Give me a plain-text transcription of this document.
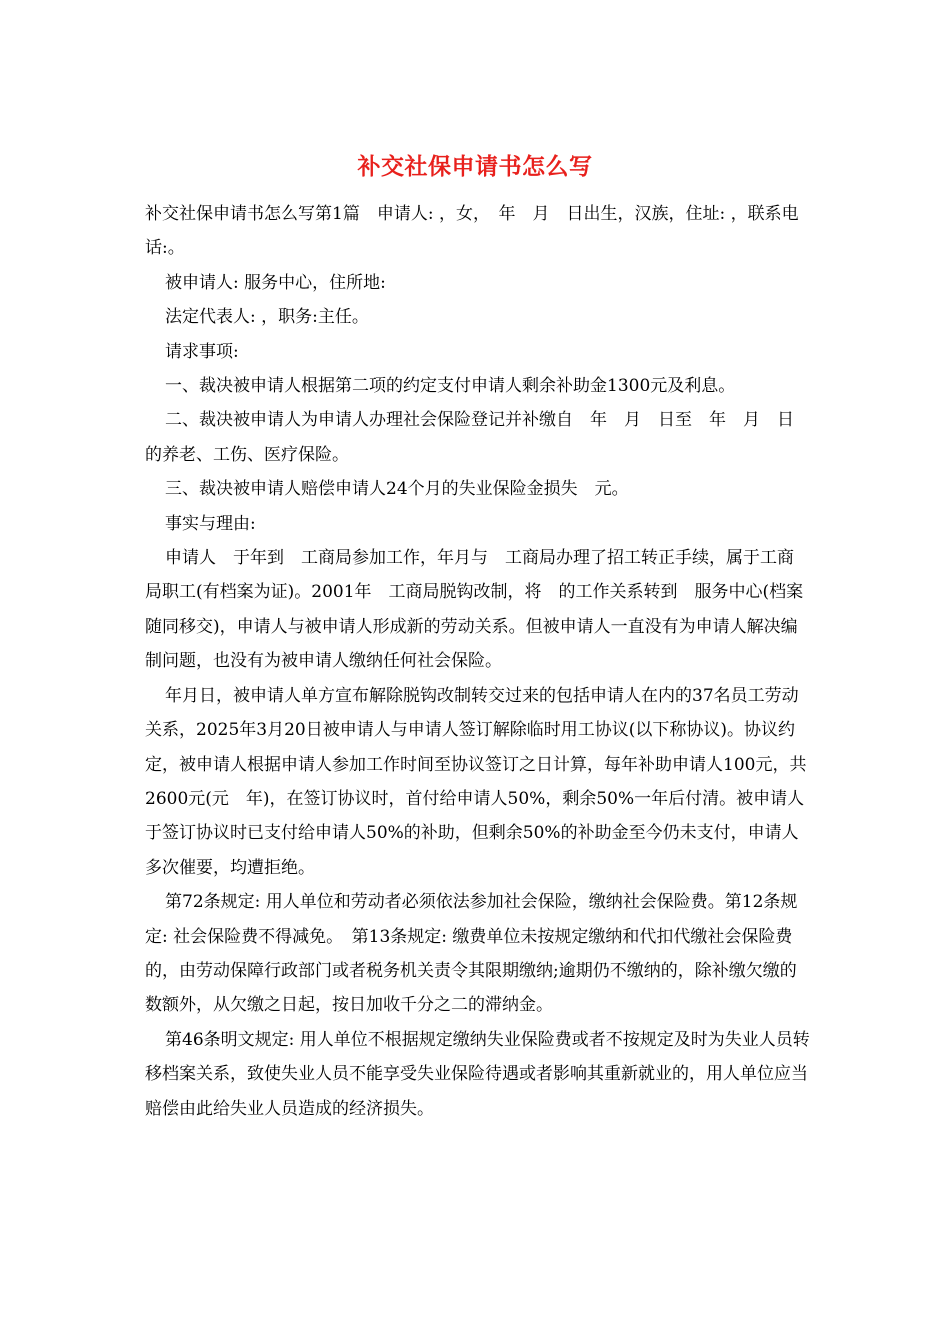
补交社保申请书怎么写

补交社保申请书怎么写第1篇　申请人: ，女，　年　月　日出生，汉族，住址: ，联系电话:。

被申请人: 服务中心，住所地:

法定代表人: ，职务:主任。

请求事项:

一、裁决被申请人根据第二项的约定支付申请人剩余补助金1300元及利息。

二、裁决被申请人为申请人办理社会保险登记并补缴自　年　月　日至　年　月　日的养老、工伤、医疗保险。

三、裁决被申请人赔偿申请人24个月的失业保险金损失　元。

事实与理由:

申请人　于年到　工商局参加工作，年月与　工商局办理了招工转正手续，属于工商局职工(有档案为证)。2001年　工商局脱钩改制，将　的工作关系转到　服务中心(档案随同移交)，申请人与被申请人形成新的劳动关系。但被申请人一直没有为申请人解决编制问题，也没有为被申请人缴纳任何社会保险。

年月日，被申请人单方宣布解除脱钩改制转交过来的包括申请人在内的37名员工劳动关系，2025年3月20日被申请人与申请人签订解除临时用工协议(以下称协议)。协议约定，被申请人根据申请人参加工作时间至协议签订之日计算，每年补助申请人100元，共2600元(元　年)，在签订协议时，首付给申请人50%，剩余50%一年后付清。被申请人于签订协议时已支付给申请人50%的补助，但剩余50%的补助金至今仍未支付，申请人多次催要，均遭拒绝。

第72条规定: 用人单位和劳动者必须依法参加社会保险，缴纳社会保险费。第12条规定: 社会保险费不得减免。　第13条规定: 缴费单位未按规定缴纳和代扣代缴社会保险费的，由劳动保障行政部门或者税务机关责令其限期缴纳;逾期仍不缴纳的，除补缴欠缴的数额外，从欠缴之日起，按日加收千分之二的滞纳金。

第46条明文规定: 用人单位不根据规定缴纳失业保险费或者不按规定及时为失业人员转移档案关系，致使失业人员不能享受失业保险待遇或者影响其重新就业的，用人单位应当赔偿由此给失业人员造成的经济损失。
